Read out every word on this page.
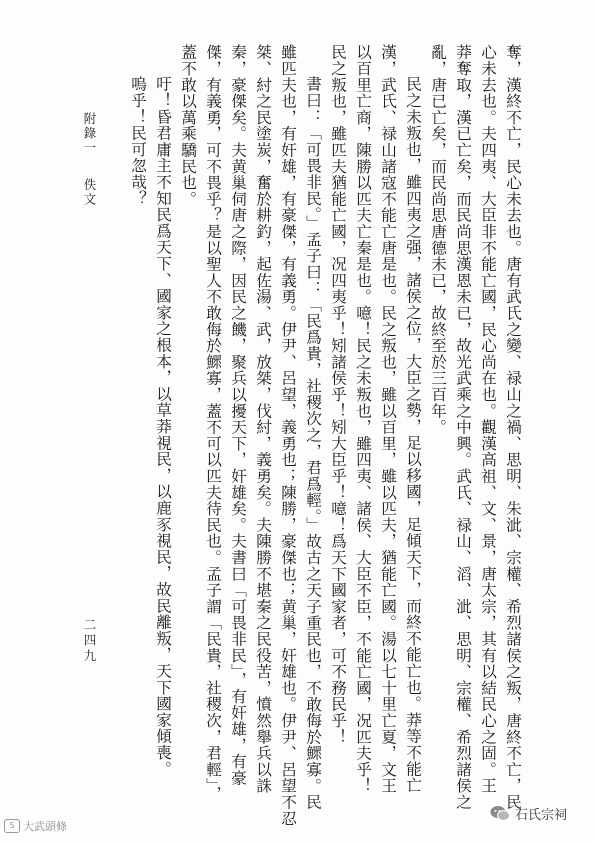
奪，漢終不亡，民心未去也。唐有武氏之變、禄山之禍、思明、朱泚、宗權、希烈諸侯之叛，唐終不亡，民
心未去也。夫四夷、大臣非不能亡國，民心尚在也。觀漢高祖、文、景，唐太宗，其有以結民心之固。王
莽奪取，漢已亡矣，而民尚思漢恩未已，故光武乘之中興。武氏、禄山、滔、泚、思明、宗權、希烈諸侯之
亂，唐已亡矣，而民尚思唐德未已，故終至於三百年。
民之未叛也，雖四夷之强，諸侯之位，大臣之勢，足以移國，足傾天下，而終不能亡也。莽等不能亡
漢，武氏、禄山諸寇不能亡唐是也。民之叛也，雖以百里，雖以匹夫，猶能亡國。湯以七十里亡夏，文王
以百里亡商，陳勝以匹夫亡秦是也。噫！民之未叛也，雖四夷、諸侯、大臣不臣，不能亡國，况匹夫乎！
民之叛也，雖匹夫猶能亡國，况四夷乎！矧諸侯乎！矧大臣乎！噫！爲天下國家者，可不務民乎！
書曰：「可畏非民。」孟子曰：「民爲貴，社稷次之，君爲輕。」故古之天子重民也，不敢侮於鰥寡。民
雖匹夫也，有奸雄，有豪傑，有義勇。伊尹、呂望，義勇也；陳勝，豪傑也；黄巢，奸雄也。伊尹、呂望不忍
桀、紂之民塗炭，奮於耕釣，起佐湯、武，放桀，伐紂，義勇矣。夫陳勝不堪秦之民役苦，憤然舉兵以誅
秦，豪傑矣。夫黄巢伺唐之際，因民之饑，聚兵以擾天下，奸雄矣。夫書曰「可畏非民」，有奸雄，有豪
傑，有義勇，可不畏乎？是以聖人不敢侮於鰥寡，蓋不可以匹夫待民也。孟子謂「民貴，社稷次，君輕」，
蓋不敢以萬乘驕民也。
吁！昏君庸主不知民爲天下、國家之根本，以草莽視民，以鹿豕視民，故民離叛，天下國家傾喪。
嗚乎！民可忽哉？
附錄一
佚文
二四九
S 大武頭條
石氏宗祠
